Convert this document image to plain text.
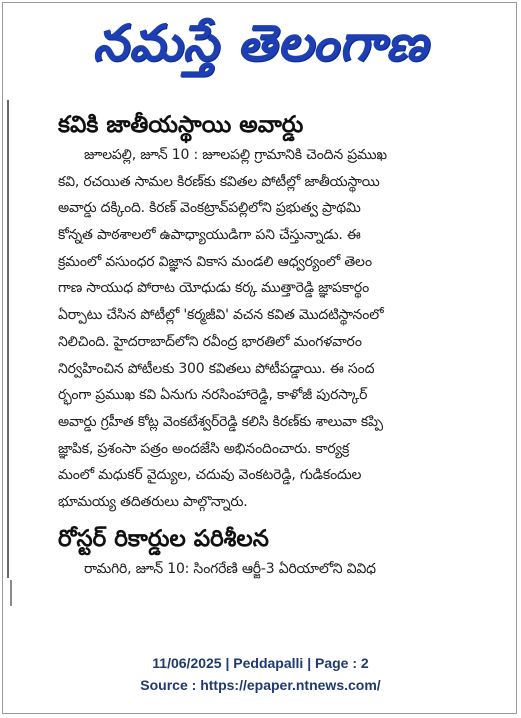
నమస్తే తెలంగాణ
కవికి జాతీయస్థాయి అవార్డు
జూలపల్లి, జూన్ 10 : జూలపల్లి గ్రామానికి చెందిన ప్రముఖ
కవి, రచయిత సామల కిరణ్‌కు కవితల పోటీల్లో జాతీయస్థాయి
అవార్డు దక్కింది. కిరణ్ వెంకట్రావ్‌పల్లిలోని ప్రభుత్వ ప్రాథమి
కోన్నత పాఠశాలలో ఉపాధ్యాయుడిగా పని చేస్తున్నాడు. ఈ
క్రమంలో వసుంధర విజ్ఞాన వికాస మండలి ఆధ్వర్యంలో తెలం
గాణ సాయుధ పోరాట యోధుడు కర్క ముత్తారెడ్డి జ్ఞాపకార్థం
ఏర్పాటు చేసిన పోటీల్లో 'కర్మజీవి' వచన కవిత మొదటిస్థానంలో
నిలిచింది. హైదరాబాద్‌లోని రవీంద్ర భారతిలో మంగళవారం
నిర్వహించిన పోటీలకు 300 కవితలు పోటీపడ్డాయి. ఈ సంద
ర్భంగా ప్రముఖ కవి ఏనుగు నరసింహారెడ్డి, కాళోజీ పురస్కార్
అవార్డు గ్రహీత కోట్ల వెంకటేశ్వర్‌రెడ్డి కలిసి కిరణ్‌కు శాలువా కప్పి
జ్ఞాపిక, ప్రశంసా పత్రం అందజేసి అభినందించారు. కార్యక్ర
మంలో మధుకర్ వైద్యుల, చదువు వెంకటరెడ్డి, గుడికందుల
భూమయ్య తదితరులు పాల్గొన్నారు.
రోస్టర్ రికార్డుల పరిశీలన
రామగిరి, జూన్ 10: సింగరేణి ఆర్జీ-3 ఏరియాలోని వివిధ
11/06/2025 | Peddapalli | Page : 2
Source : https://epaper.ntnews.com/
